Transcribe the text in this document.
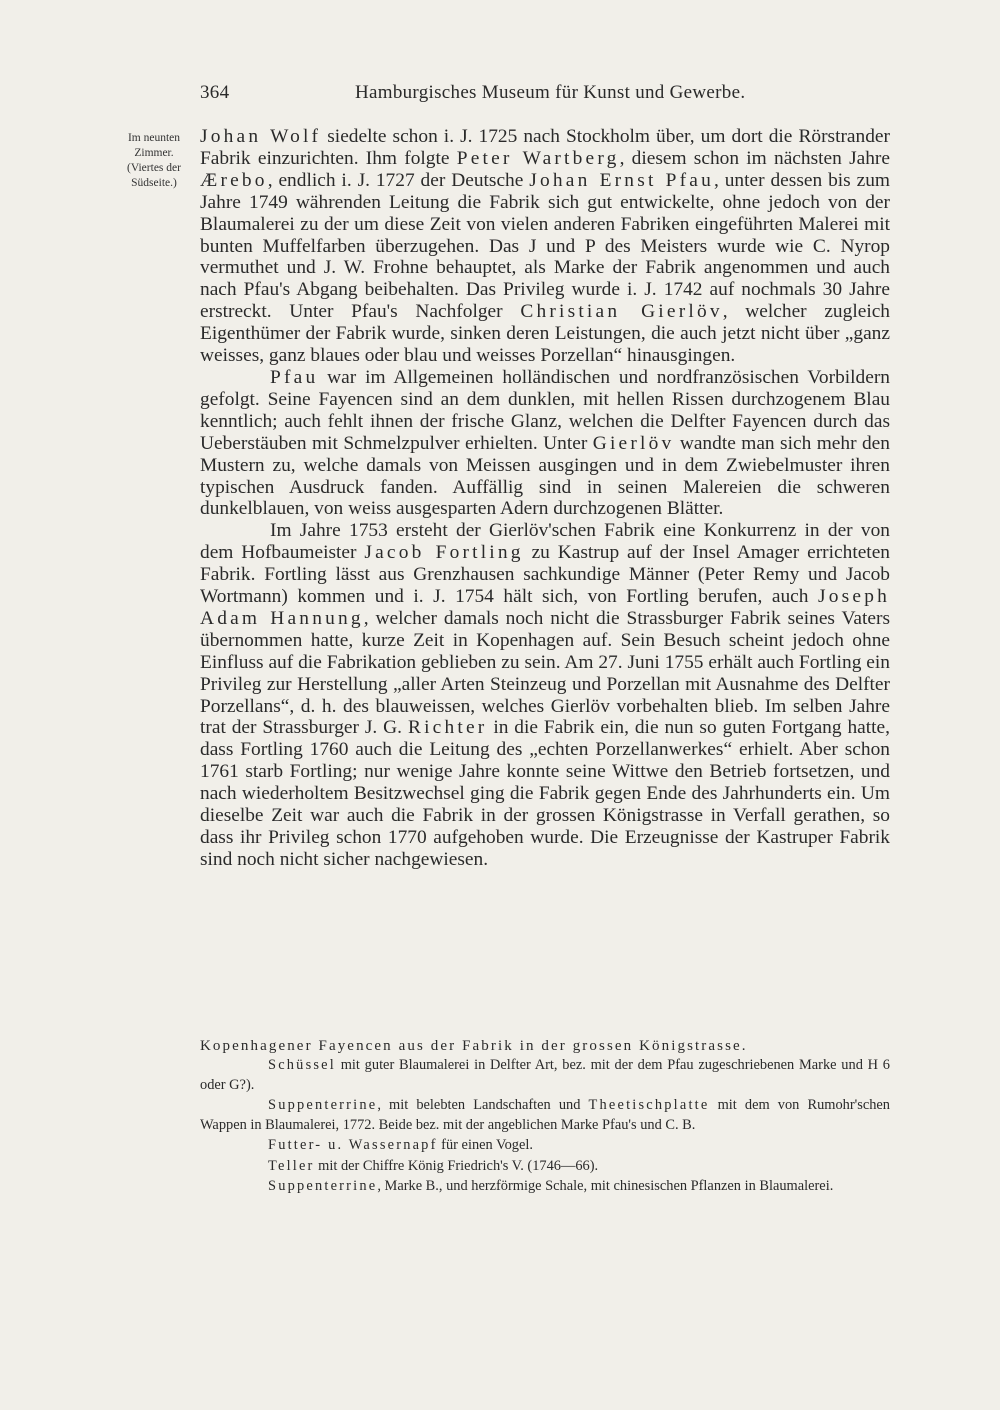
364	Hamburgisches Museum für Kunst und Gewerbe.
Im neunten
Zimmer.
(Viertes der
Südseite.)

Johan Wolf siedelte schon i. J. 1725 nach Stockholm über, um dort die Rörstrander Fabrik einzurichten. Ihm folgte Peter Wartberg, diesem schon im nächsten Jahre Ærebo, endlich i. J. 1727 der Deutsche Johan Ernst Pfau, unter dessen bis zum Jahre 1749 währenden Leitung die Fabrik sich gut entwickelte, ohne jedoch von der Blaumalerei zu der um diese Zeit von vielen anderen Fabriken eingeführten Malerei mit bunten Muffelfarben überzugehen. Das J und P des Meisters wurde wie C. Nyrop vermuthet und J. W. Frohne behauptet, als Marke der Fabrik angenommen und auch nach Pfau's Abgang beibehalten. Das Privileg wurde i. J. 1742 auf nochmals 30 Jahre erstreckt. Unter Pfau's Nachfolger Christian Gierlöv, welcher zugleich Eigenthümer der Fabrik wurde, sinken deren Leistungen, die auch jetzt nicht über „ganz weisses, ganz blaues oder blau und weisses Porzellan“ hinausgingen.

Pfau war im Allgemeinen holländischen und nordfranzösischen Vorbildern gefolgt. Seine Fayencen sind an dem dunklen, mit hellen Rissen durchzogenem Blau kenntlich; auch fehlt ihnen der frische Glanz, welchen die Delfter Fayencen durch das Ueberstäuben mit Schmelzpulver erhielten. Unter Gierlöv wandte man sich mehr den Mustern zu, welche damals von Meissen ausgingen und in dem Zwiebelmuster ihren typischen Ausdruck fanden. Auffällig sind in seinen Malereien die schweren dunkelblauen, von weiss ausgesparten Adern durchzogenen Blätter.

Im Jahre 1753 ersteht der Gierlöv'schen Fabrik eine Konkurrenz in der von dem Hofbaumeister Jacob Fortling zu Kastrup auf der Insel Amager errichteten Fabrik. Fortling lässt aus Grenzhausen sachkundige Männer (Peter Remy und Jacob Wortmann) kommen und i. J. 1754 hält sich, von Fortling berufen, auch Joseph Adam Hannung, welcher damals noch nicht die Strassburger Fabrik seines Vaters übernommen hatte, kurze Zeit in Kopenhagen auf. Sein Besuch scheint jedoch ohne Einfluss auf die Fabrikation geblieben zu sein. Am 27. Juni 1755 erhält auch Fortling ein Privileg zur Herstellung „aller Arten Steinzeug und Porzellan mit Ausnahme des Delfter Porzellans“, d. h. des blauweissen, welches Gierlöv vorbehalten blieb. Im selben Jahre trat der Strassburger J. G. Richter in die Fabrik ein, die nun so guten Fortgang hatte, dass Fortling 1760 auch die Leitung des „echten Porzellanwerkes“ erhielt. Aber schon 1761 starb Fortling; nur wenige Jahre konnte seine Wittwe den Betrieb fortsetzen, und nach wiederholtem Besitzwechsel ging die Fabrik gegen Ende des Jahrhunderts ein. Um dieselbe Zeit war auch die Fabrik in der grossen Königstrasse in Verfall gerathen, so dass ihr Privileg schon 1770 aufgehoben wurde. Die Erzeugnisse der Kastruper Fabrik sind noch nicht sicher nachgewiesen.

Kopenhagener Fayencen aus der Fabrik in der grossen Königstrasse.

Schüssel mit guter Blaumalerei in Delfter Art, bez. mit der dem Pfau zugeschriebenen Marke und H 6 oder G?).

Suppenterrine, mit belebten Landschaften und Theetischplatte mit dem von Rumohr'schen Wappen in Blaumalerei, 1772. Beide bez. mit der angeblichen Marke Pfau's und C. B.

Futter- u. Wassernapf für einen Vogel.

Teller mit der Chiffre König Friedrich's V. (1746—66).

Suppenterrine, Marke B., und herzförmige Schale, mit chinesischen Pflanzen in Blaumalerei.
